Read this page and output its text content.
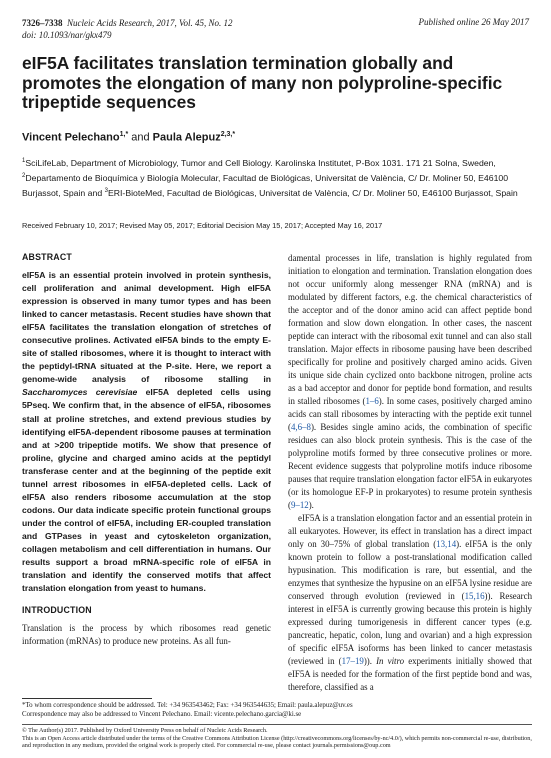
7326–7338 Nucleic Acids Research, 2017, Vol. 45, No. 12
doi: 10.1093/nar/gkx479
Published online 26 May 2017
eIF5A facilitates translation termination globally and promotes the elongation of many non polyproline-specific tripeptide sequences
Vincent Pelechano$^{1,*}$ and Paula Alepuz$^{2,3,*}$
$^1$SciLifeLab, Department of Microbiology, Tumor and Cell Biology. Karolinska Institutet, P-Box 1031. 171 21 Solna, Sweden, $^2$Departamento de Bioquímica y Biología Molecular, Facultad de Biológicas, Universitat de València, C/ Dr. Moliner 50, E46100 Burjassot, Spain and $^3$ERI-BioteMed, Facultad de Biológicas, Universitat de València, C/ Dr. Moliner 50, E46100 Burjassot, Spain
Received February 10, 2017; Revised May 05, 2017; Editorial Decision May 15, 2017; Accepted May 16, 2017
ABSTRACT

eIF5A is an essential protein involved in protein synthesis, cell proliferation and animal development. High eIF5A expression is observed in many tumor types and has been linked to cancer metastasis. Recent studies have shown that eIF5A facilitates the translation elongation of stretches of consecutive prolines. Activated eIF5A binds to the empty E-site of stalled ribosomes, where it is thought to interact with the peptidyl-tRNA situated at the P-site. Here, we report a genome-wide analysis of ribosome stalling in Saccharomyces cerevisiae eIF5A depleted cells using 5Pseq. We confirm that, in the absence of eIF5A, ribosomes stall at proline stretches, and extend previous studies by identifying eIF5A-dependent ribosome pauses at termination and at >200 tripeptide motifs. We show that presence of proline, glycine and charged amino acids at the peptidyl transferase center and at the beginning of the peptide exit tunnel arrest ribosomes in eIF5A-depleted cells. Lack of eIF5A also renders ribosome accumulation at the stop codons. Our data indicate specific protein functional groups under the control of eIF5A, including ER-coupled translation and GTPases in yeast and cytoskeleton organization, collagen metabolism and cell differentiation in humans. Our results support a broad mRNA-specific role of eIF5A in translation and identify the conserved motifs that affect translation elongation from yeast to humans.

INTRODUCTION

Translation is the process by which ribosomes read genetic information (mRNAs) to produce new proteins. As all fun-

damental processes in life, translation is highly regulated from initiation to elongation and termination. Translation elongation does not occur uniformly along messenger RNA (mRNA) and is modulated by different factors, e.g. the chemical characteristics of the acceptor and of the donor amino acid can affect peptide bond formation and slow down elongation. In other cases, the nascent peptide can interact with the ribosomal exit tunnel and can also stall translation. Major effects in ribosome pausing have been described specifically for proline and positively charged amino acids. Given its unique side chain cyclized onto backbone nitrogen, proline acts as a bad acceptor and donor for peptide bond formation, and results in stalled ribosomes (1–6). In some cases, positively charged amino acids can stall ribosomes by interacting with the peptide exit tunnel (4,6–8). Besides single amino acids, the combination of specific residues can also block protein synthesis. This is the case of the polyproline motifs formed by three consecutive prolines or more. Recent evidence suggests that polyproline motifs induce ribosome pauses that require translation elongation factor eIF5A in eukaryotes (or its homologue EF-P in prokaryotes) to resume protein synthesis (9–12).

eIF5A is a translation elongation factor and an essential protein in all eukaryotes. However, its effect in translation has a direct impact only on 30–75% of global translation (13,14). eIF5A is the only known protein to follow a post-translational modification called hypusination. This modification is rare, but essential, and the enzymes that synthesize the hypusine on an eIF5A lysine residue are conserved through evolution (reviewed in (15,16)). Research interest in eIF5A is currently growing because this protein is highly expressed during tumorigenesis in different cancer types (e.g. pancreatic, hepatic, colon, lung and ovarian) and a high expression of specific eIF5A isoforms has been linked to cancer metastasis (reviewed in (17–19)). In vitro experiments initially showed that eIF5A is needed for the formation of the first peptide bond and was, therefore, classified as a

*To whom correspondence should be addressed. Tel: +34 963543462; Fax: +34 963544635; Email: paula.alepuz@uv.es
Correspondence may also be addressed to Vincent Pelechano. Email: vicente.pelechano.garcia@ki.se
© The Author(s) 2017. Published by Oxford University Press on behalf of Nucleic Acids Research.
This is an Open Access article distributed under the terms of the Creative Commons Attribution License (http://creativecommons.org/licenses/by-nc/4.0/), which permits non-commercial re-use, distribution, and reproduction in any medium, provided the original work is properly cited. For commercial re-use, please contact journals.permissions@oup.com
